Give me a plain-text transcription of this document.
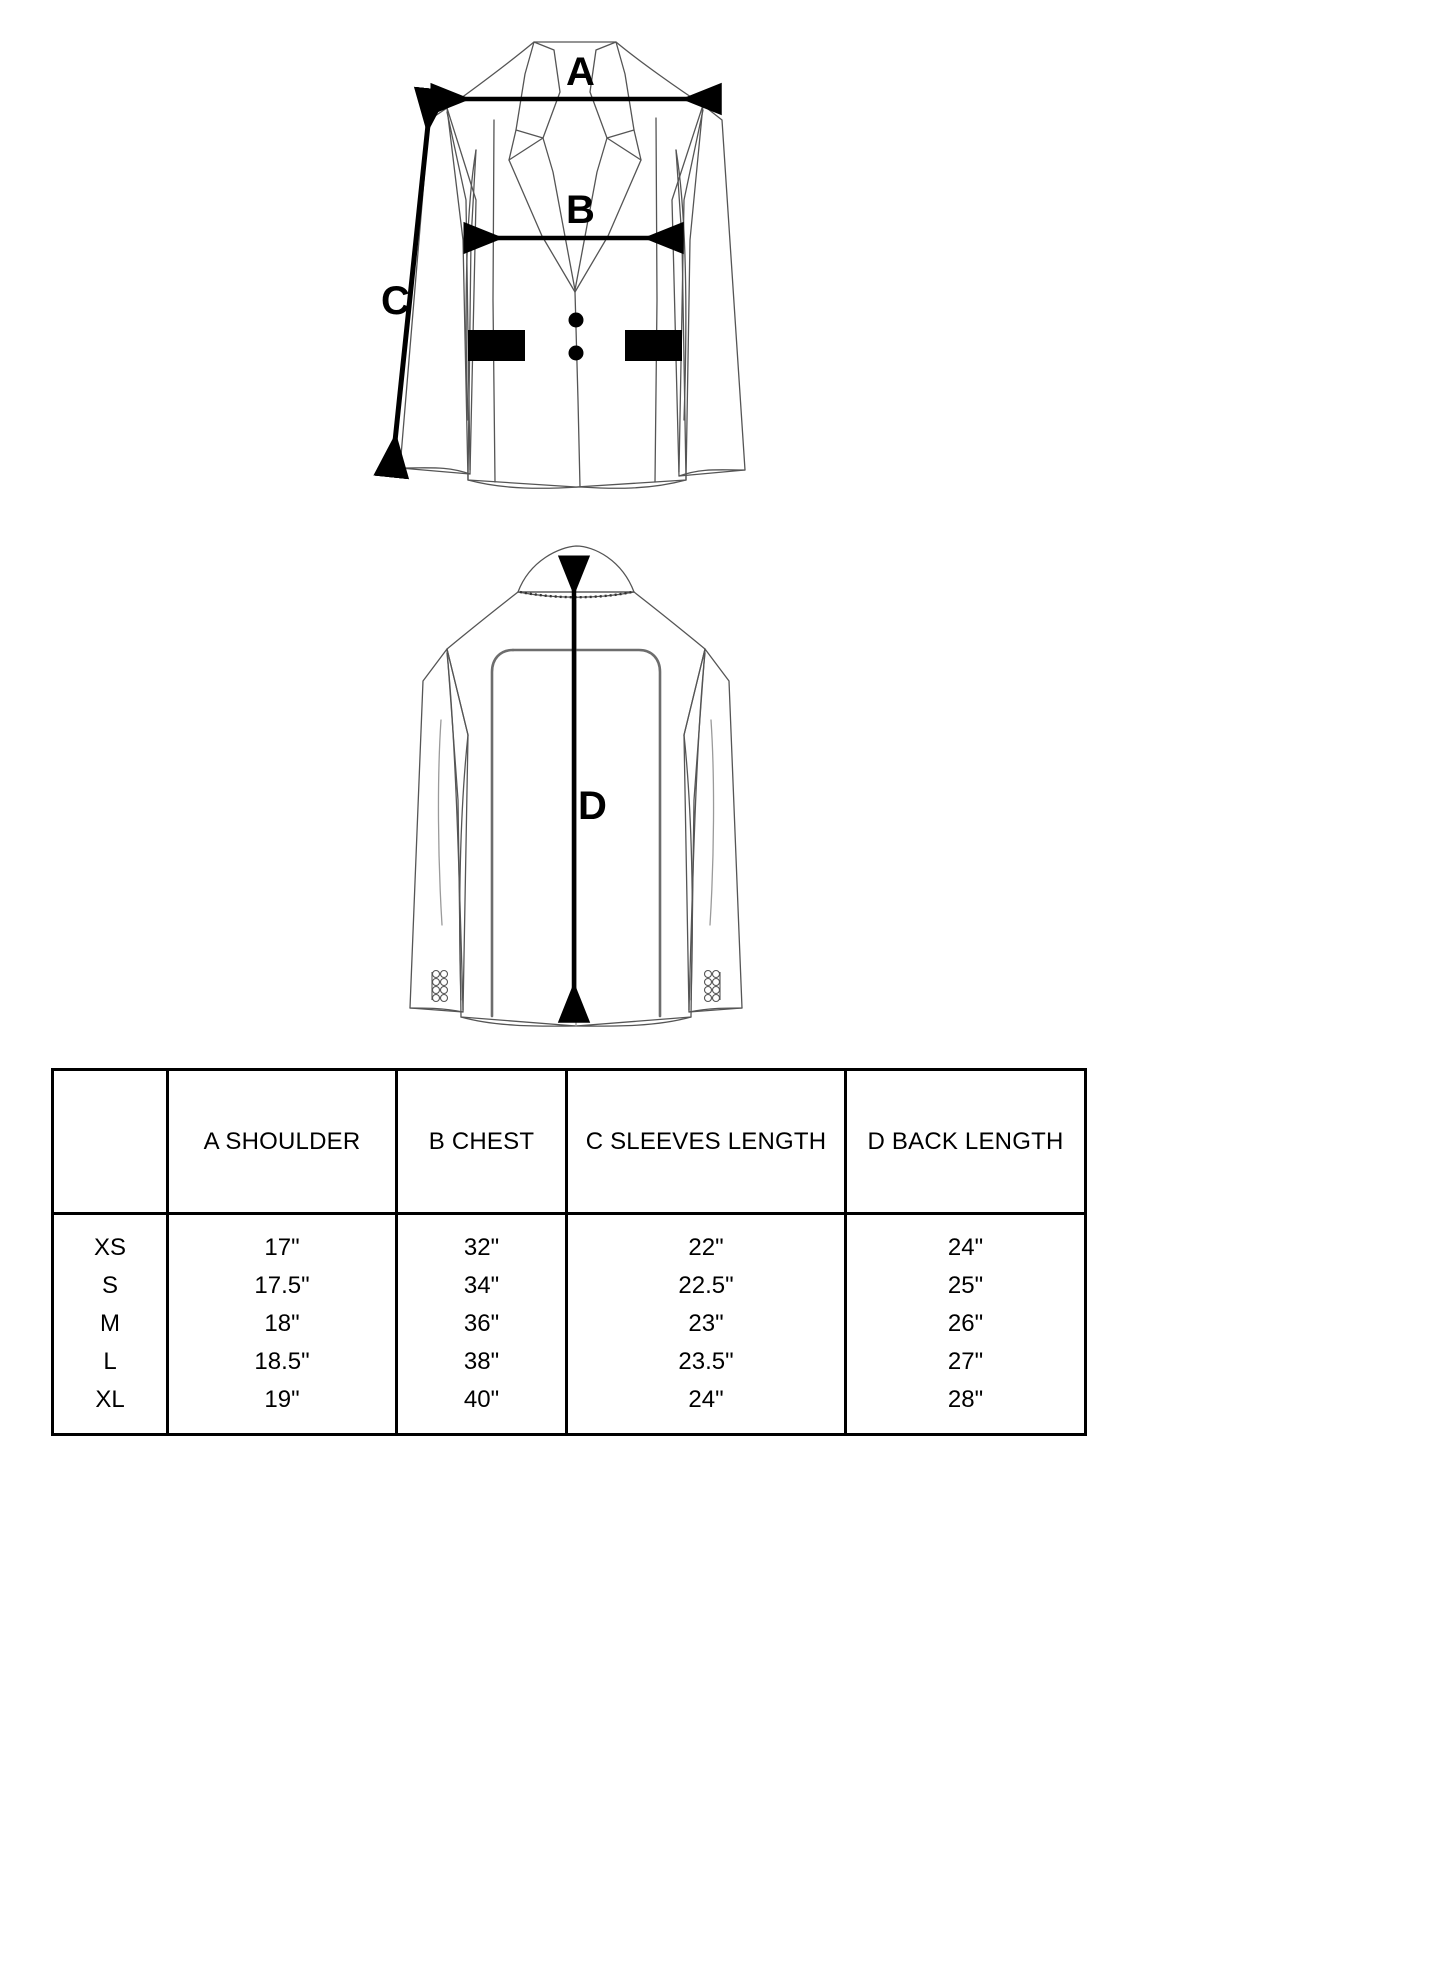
A
B
C
D
	A SHOULDER	B CHEST	C SLEEVES LENGTH	D BACK LENGTH
XS	17"	32"	22"	24"
S	17.5"	34"	22.5"	25"
M	18"	36"	23"	26"
L	18.5"	38"	23.5"	27"
XL	19"	40"	24"	28"
